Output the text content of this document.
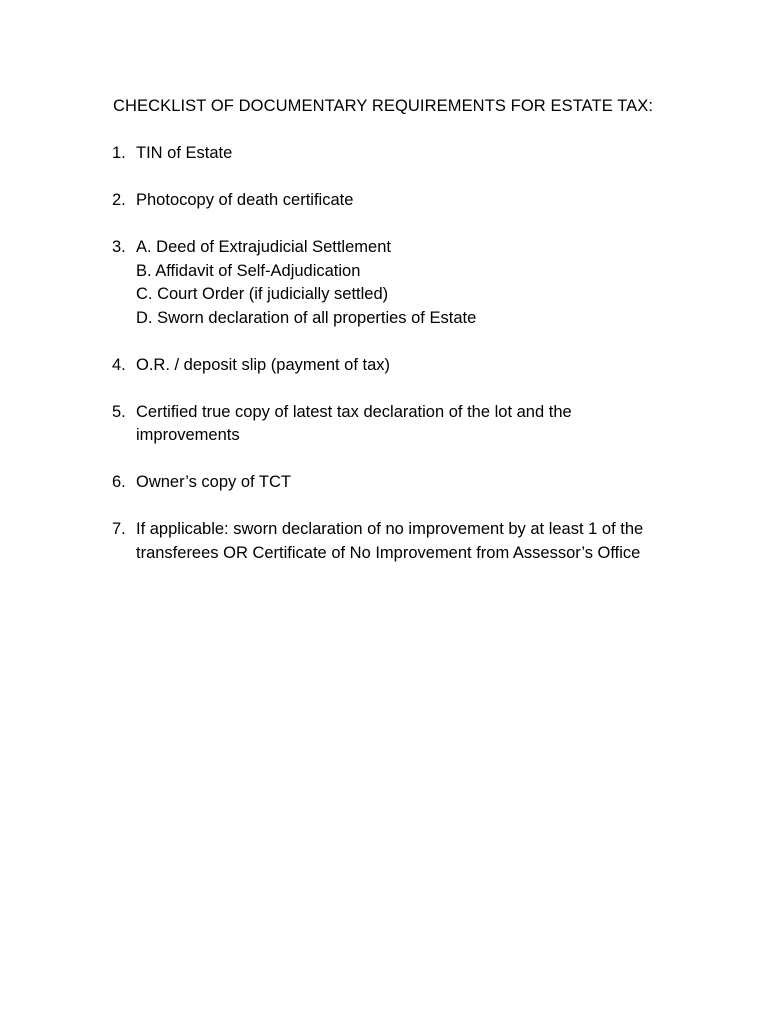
CHECKLIST OF DOCUMENTARY REQUIREMENTS FOR ESTATE TAX:
1. TIN of Estate
2. Photocopy of death certificate
3. A. Deed of Extrajudicial Settlement
B. Affidavit of Self-Adjudication
C. Court Order (if judicially settled)
D. Sworn declaration of all properties of Estate
4. O.R. / deposit slip (payment of tax)
5. Certified true copy of latest tax declaration of the lot and the
improvements
6. Owner’s copy of TCT
7. If applicable: sworn declaration of no improvement by at least 1 of the
transferees OR Certificate of No Improvement from Assessor’s Office
